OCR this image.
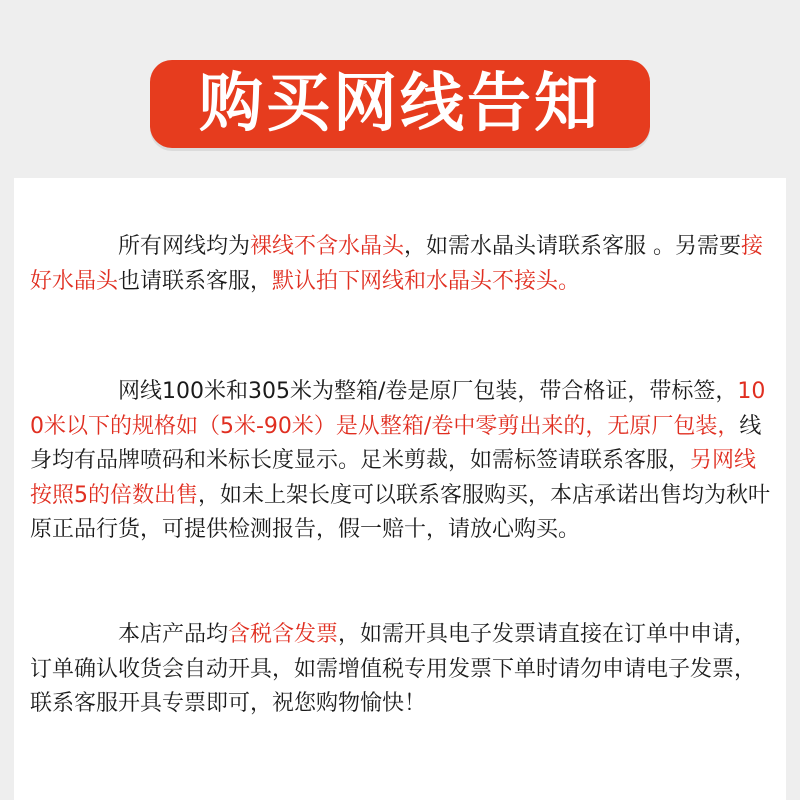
购买网线告知
所有网线均为裸线不含水晶头，如需水晶头请联系客服 。另需要接好水晶头也请联系客服，默认拍下网线和水晶头不接头。
网线100米和305米为整箱/卷是原厂包装，带合格证，带标签，100米以下的规格如（5米-90米）是从整箱/卷中零剪出来的，无原厂包装，线身均有品牌喷码和米标长度显示。足米剪裁，如需标签请联系客服，另网线按照5的倍数出售，如未上架长度可以联系客服购买，本店承诺出售均为秋叶原正品行货，可提供检测报告，假一赔十，请放心购买。
本店产品均含税含发票，如需开具电子发票请直接在订单中申请，订单确认收货会自动开具，如需增值税专用发票下单时请勿申请电子发票，联系客服开具专票即可，祝您购物愉快！
